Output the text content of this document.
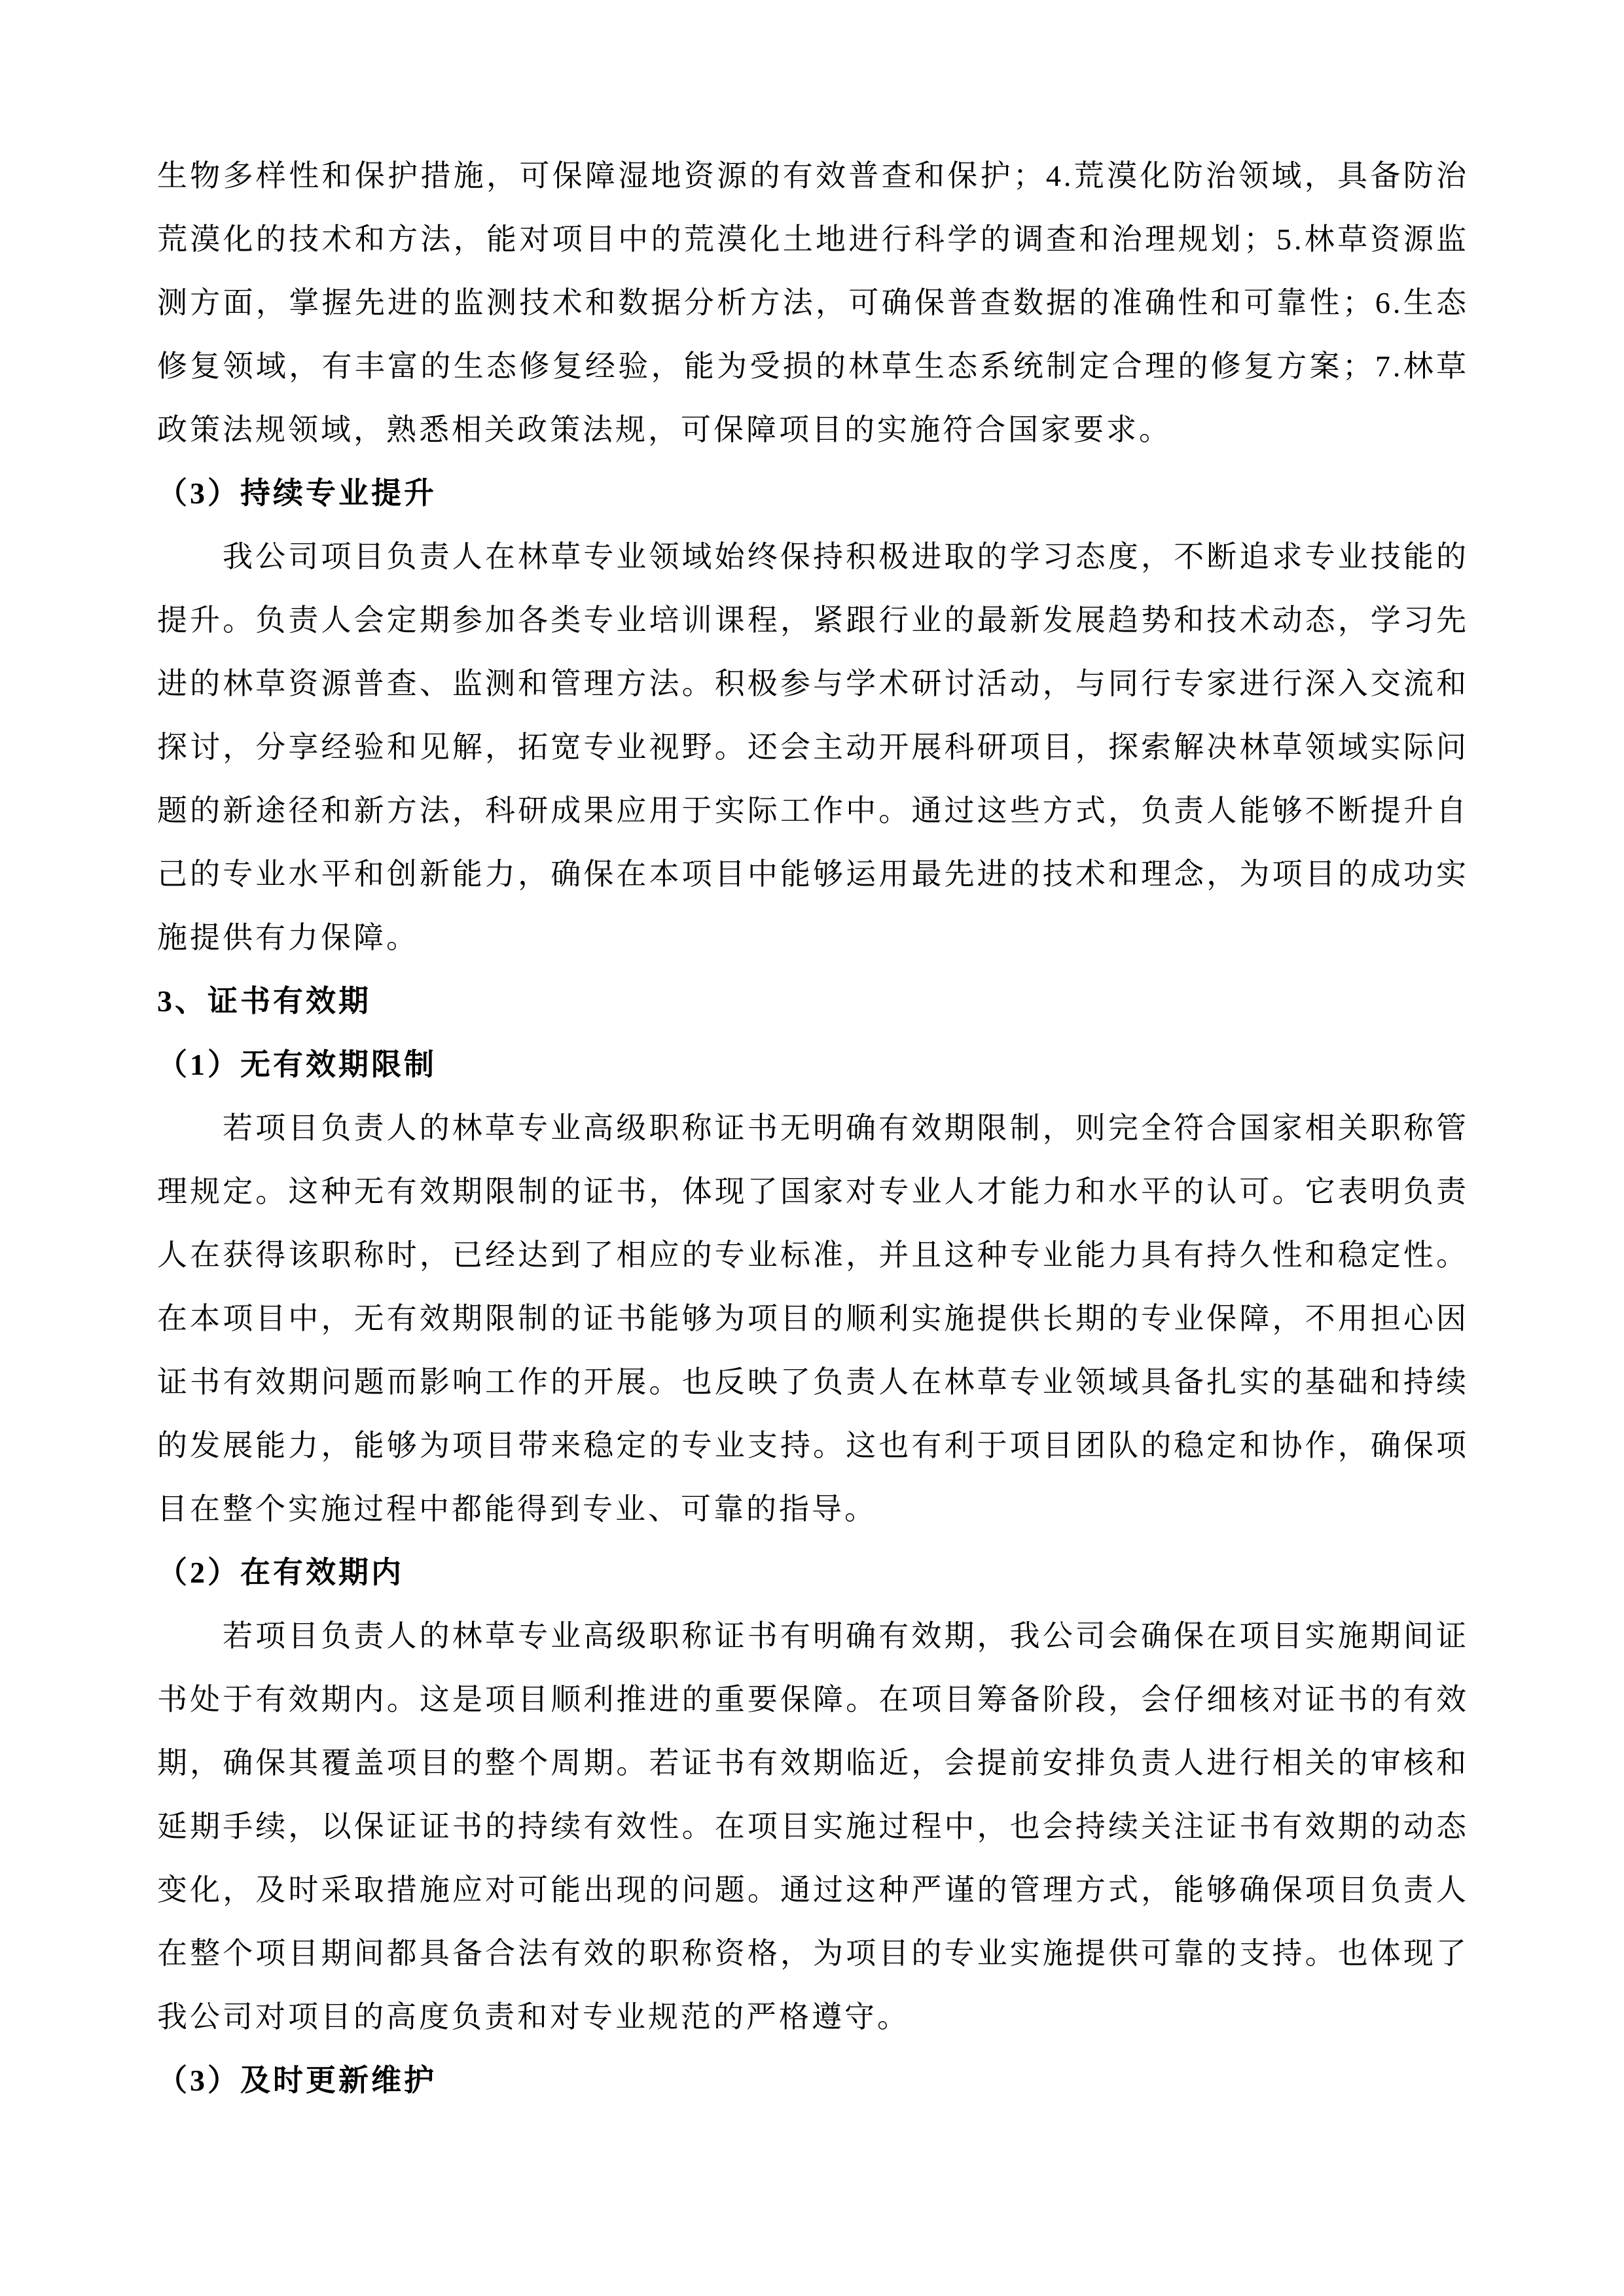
生物多样性和保护措施，可保障湿地资源的有效普查和保护；4.荒漠化防治领域，具备防治
荒漠化的技术和方法，能对项目中的荒漠化土地进行科学的调查和治理规划；5.林草资源监
测方面，掌握先进的监测技术和数据分析方法，可确保普查数据的准确性和可靠性；6.生态
修复领域，有丰富的生态修复经验，能为受损的林草生态系统制定合理的修复方案；7.林草
政策法规领域，熟悉相关政策法规，可保障项目的实施符合国家要求。
（3）持续专业提升
我公司项目负责人在林草专业领域始终保持积极进取的学习态度，不断追求专业技能的
提升。负责人会定期参加各类专业培训课程，紧跟行业的最新发展趋势和技术动态，学习先
进的林草资源普查、监测和管理方法。积极参与学术研讨活动，与同行专家进行深入交流和
探讨，分享经验和见解，拓宽专业视野。还会主动开展科研项目，探索解决林草领域实际问
题的新途径和新方法，科研成果应用于实际工作中。通过这些方式，负责人能够不断提升自
己的专业水平和创新能力，确保在本项目中能够运用最先进的技术和理念，为项目的成功实
施提供有力保障。
3、证书有效期
（1）无有效期限制
若项目负责人的林草专业高级职称证书无明确有效期限制，则完全符合国家相关职称管
理规定。这种无有效期限制的证书，体现了国家对专业人才能力和水平的认可。它表明负责
人在获得该职称时，已经达到了相应的专业标准，并且这种专业能力具有持久性和稳定性。
在本项目中，无有效期限制的证书能够为项目的顺利实施提供长期的专业保障，不用担心因
证书有效期问题而影响工作的开展。也反映了负责人在林草专业领域具备扎实的基础和持续
的发展能力，能够为项目带来稳定的专业支持。这也有利于项目团队的稳定和协作，确保项
目在整个实施过程中都能得到专业、可靠的指导。
（2）在有效期内
若项目负责人的林草专业高级职称证书有明确有效期，我公司会确保在项目实施期间证
书处于有效期内。这是项目顺利推进的重要保障。在项目筹备阶段，会仔细核对证书的有效
期，确保其覆盖项目的整个周期。若证书有效期临近，会提前安排负责人进行相关的审核和
延期手续，以保证证书的持续有效性。在项目实施过程中，也会持续关注证书有效期的动态
变化，及时采取措施应对可能出现的问题。通过这种严谨的管理方式，能够确保项目负责人
在整个项目期间都具备合法有效的职称资格，为项目的专业实施提供可靠的支持。也体现了
我公司对项目的高度负责和对专业规范的严格遵守。
（3）及时更新维护
